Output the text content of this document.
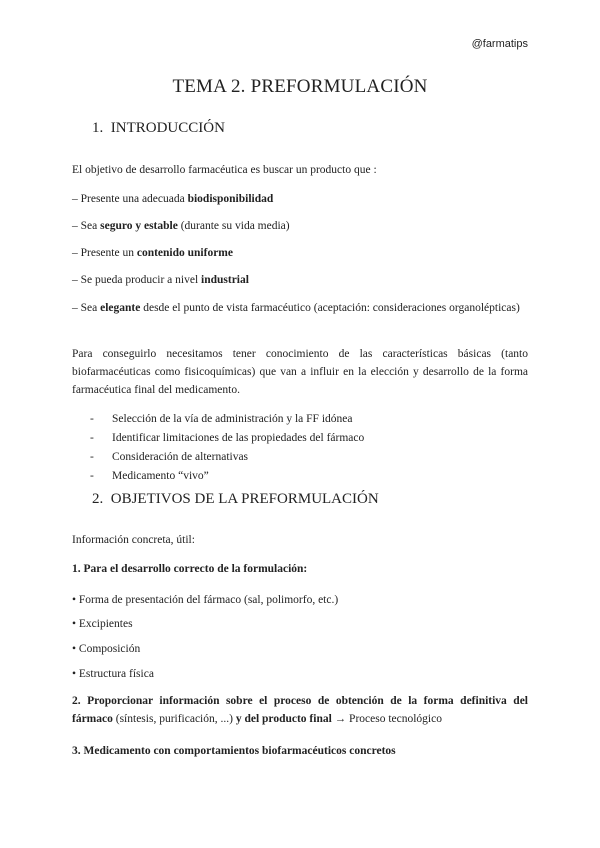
@farmatips
TEMA 2. PREFORMULACIÓN
1. INTRODUCCIÓN

El objetivo de desarrollo farmacéutica es buscar un producto que :

– Presente una adecuada biodisponibilidad

– Sea seguro y estable (durante su vida media)

– Presente un contenido uniforme

– Se pueda producir a nivel industrial

– Sea elegante desde el punto de vista farmacéutico (aceptación: consideraciones organolépticas)

Para conseguirlo necesitamos tener conocimiento de las características básicas (tanto biofarmacéuticas como fisicoquímicas) que van a influir en la elección y desarrollo de la forma farmacéutica final del medicamento.

- Selección de la vía de administración y la FF idónea
- Identificar limitaciones de las propiedades del fármaco
- Consideración de alternativas
- Medicamento “vivo”
2. OBJETIVOS DE LA PREFORMULACIÓN

Información concreta, útil:

1. Para el desarrollo correcto de la formulación:

• Forma de presentación del fármaco (sal, polimorfo, etc.)

• Excipientes

• Composición

• Estructura física

2. Proporcionar información sobre el proceso de obtención de la forma definitiva del fármaco (síntesis, purificación, ...) y del producto final → Proceso tecnológico

3. Medicamento con comportamientos biofarmacéuticos concretos
